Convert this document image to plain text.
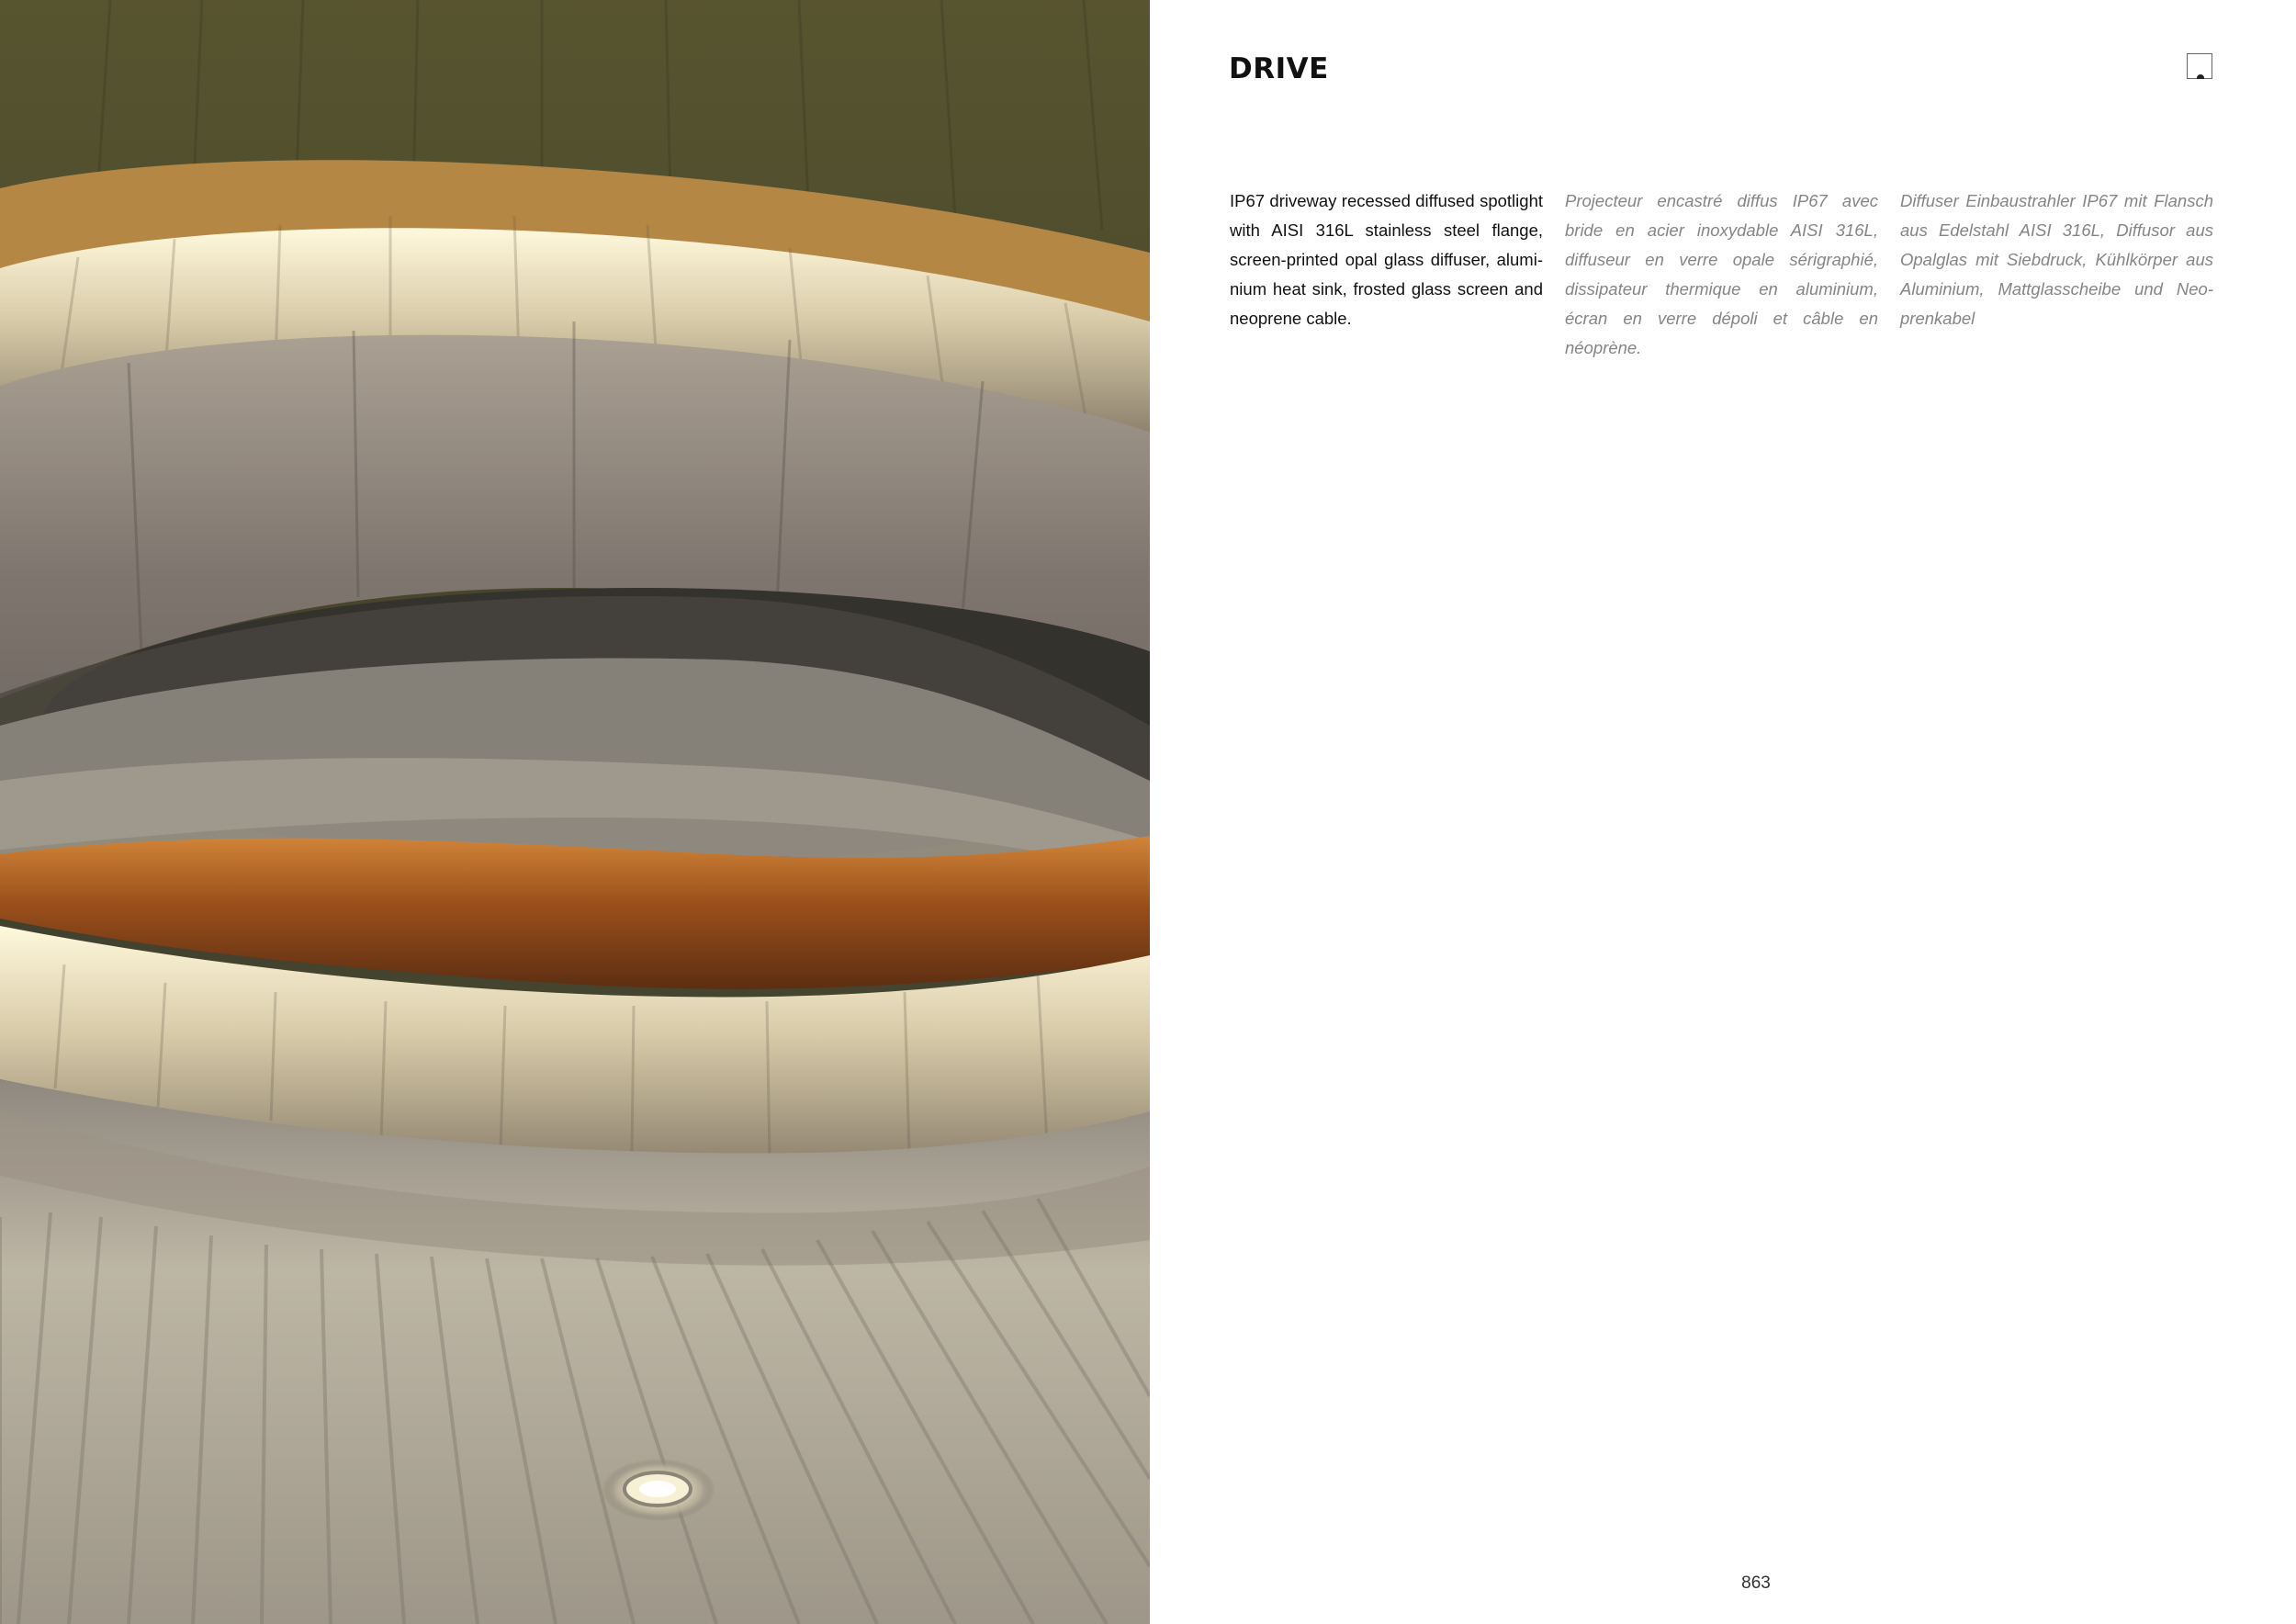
DRIVE

IP67 driveway recessed diffused spotlight with AISI 316L stainless steel flange, screen-printed opal glass diffuser, aluminium heat sink, frosted glass screen and neoprene cable.

Projecteur encastré diffus IP67 avec bride en acier inoxydable AISI 316L, diffuseur en verre opale sérigraphié, dissipateur thermique en aluminium, écran en verre dépoli et câble en néoprène.

Diffuser Einbaustrahler IP67 mit Flansch aus Edelstahl AISI 316L, Diffusor aus Opalglas mit Siebdruck, Kühlkörper aus Aluminium, Mattglasscheibe und Neoprenkabel

863
